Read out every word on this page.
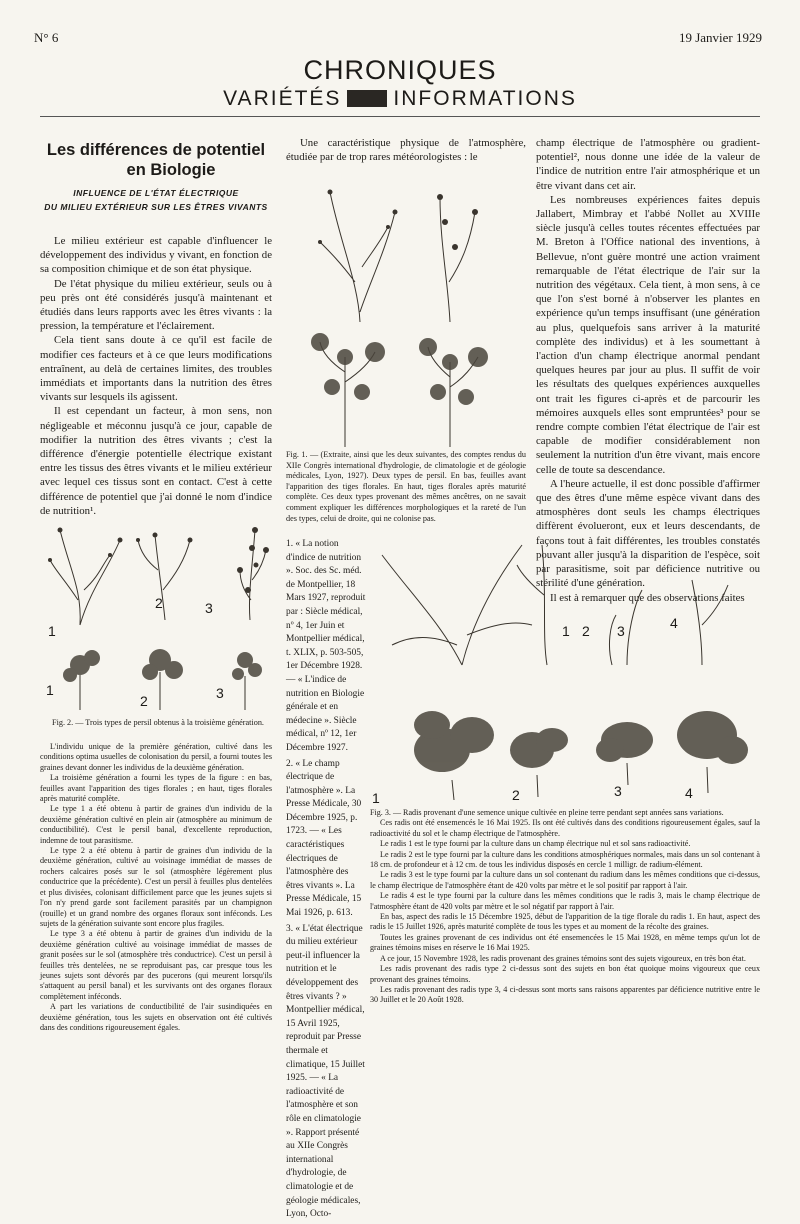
N° 6	19 Janvier 1929
CHRONIQUES
VARIÉTÉS INFORMATIONS
Les différences de potentiel
en Biologie
INFLUENCE DE L'ÉTAT ÉLECTRIQUE
DU MILIEU EXTÉRIEUR SUR LES ÊTRES VIVANTS

Le milieu extérieur est capable d'influencer le développement des individus y vivant, en fonction de sa composition chimique et de son état physique.

De l'état physique du milieu extérieur, seuls ou à peu près ont été considérés jusqu'à maintenant et étudiés dans leurs rapports avec les êtres vivants : la pression, la température et l'éclairement.

Cela tient sans doute à ce qu'il est facile de modifier ces facteurs et à ce que leurs modifications entraînent, au delà de certaines limites, des troubles immédiats et importants dans la nutrition des êtres vivants sur lesquels ils agissent.

Il est cependant un facteur, à mon sens, non négligeable et méconnu jusqu'à ce jour, capable de modifier la nutrition des êtres vivants ; c'est la différence d'énergie potentielle électrique existant entre les tissus des êtres vivants et le milieu extérieur avec lequel ces tissus sont en contact. C'est à cette différence de potentiel que j'ai donné le nom d'indice de nutrition¹.

1
2	3
1
2	3
Fig. 2. — Trois types de persil obtenus à la troisième génération.

L'individu unique de la première génération, cultivé dans les conditions optima usuelles de colonisation du persil, a fourni toutes les graines devant donner les individus de la deuxième génération.

La troisième génération a fourni les types de la figure : en bas, feuilles avant l'apparition des tiges florales ; en haut, tiges florales après maturité complète.

Le type 1 a été obtenu à partir de graines d'un individu de la deuxième génération cultivé en plein air (atmosphère au minimum de conductibilité). C'est le persil banal, d'excellente reproduction, indemne de tout parasitisme.

Le type 2 a été obtenu à partir de graines d'un individu de la deuxième génération, cultivé au voisinage immédiat de masses de rochers calcaires posés sur le sol (atmosphère légèrement plus conductrice que la précédente). C'est un persil à feuilles plus dentelées et plus divisées, colonisant difficilement parce que les jeunes sujets si l'on n'y prend garde sont facilement parasités par un champignon (rouille) et un grand nombre des organes floraux sont inféconds. Les sujets de la génération suivante sont encore plus fragiles.

Le type 3 a été obtenu à partir de graines d'un individu de la deuxième génération cultivé au voisinage immédiat de masses de granit posées sur le sol (atmosphère très conductrice). C'est un persil à feuilles très dentelées, ne se reproduisant pas, car presque tous les jeunes sujets sont dévorés par des pucerons (qui meurent lorsqu'ils s'attaquent au persil banal) et les survivants ont des organes floraux complètement inféconds.

A part les variations de conductibilité de l'air susindiquées en deuxième génération, tous les sujets en observation ont été cultivés dans des conditions rigoureusement égales.

Une caractéristique physique de l'atmosphère, étudiée par de trop rares météorologistes : le

Fig. 1. — (Extraite, ainsi que les deux suivantes, des comptes rendus du XIIe Congrès international d'hydrologie, de climatologie et de géologie médicales, Lyon, 1927). Deux types de persil. En bas, feuilles avant l'apparition des tiges florales. En haut, tiges florales après maturité complète. Ces deux types provenant des mêmes ancêtres, on ne savait comment expliquer les différences morphologiques et la rareté de l'un des types, celui de droite, qui ne colonise pas.

1. « La notion d'indice de nutrition ». Soc. des Sc. méd. de Montpellier, 18 Mars 1927, reproduit par : Siècle médical, nº 4, 1er Juin et Montpellier médical, t. XLIX, p. 503-505, 1er Décembre 1928. — « L'indice de nutrition en Biologie générale et en médecine ». Siècle médical, nº 12, 1er Décembre 1927.

2. « Le champ électrique de l'atmosphère ». La Presse Médicale, 30 Décembre 1925, p. 1723. — « Les caractéristiques électriques de l'atmosphère des êtres vivants ». La Presse Médicale, 15 Mai 1926, p. 613.

3. « L'état électrique du milieu extérieur peut-il influencer la nutrition et le développement des êtres vivants ? » Montpellier médical, 15 Avril 1925, reproduit par Presse thermale et climatique, 15 Juillet 1925. — « La radioactivité de l'atmosphère et son rôle en climatologie ». Rapport présenté au XIIe Congrès international d'hydrologie, de climatologie et de géologie médicales, Lyon, Octo-

champ électrique de l'atmosphère ou gradient-potentiel², nous donne une idée de la valeur de l'indice de nutrition entre l'air atmosphérique et un être vivant dans cet air.

Les nombreuses expériences faites depuis Jallabert, Mimbray et l'abbé Nollet au XVIIIe siècle jusqu'à celles toutes récentes effectuées par M. Breton à l'Office national des inventions, à Bellevue, n'ont guère montré une action vraiment remarquable de l'état électrique de l'air sur la nutrition des végétaux. Cela tient, à mon sens, à ce que l'on s'est borné à n'observer les plantes en expérience qu'un temps insuffisant (une génération au plus, quelquefois sans arriver à la maturité complète des individus) et à les soumettant à l'action d'un champ électrique anormal pendant quelques heures par jour au plus. Il suffit de voir les résultats des quelques expériences auxquelles ont trait les figures ci-après et de parcourir les mémoires auxquels elles sont empruntées³ pour se rendre compte combien l'état électrique de l'air est capable de modifier considérablement non seulement la nutrition d'un être vivant, mais encore celle de toute sa descendance.

A l'heure actuelle, il est donc possible d'affirmer que des êtres d'une même espèce vivant dans des atmosphères dont seuls les champs électriques diffèrent évolueront, eux et leurs descendants, de façons tout à fait différentes, les troubles constatés pouvant aller jusqu'à la disparition de l'espèce, soit par parasitisme, soit par déficience nutritive ou stérilité d'une génération.

Il est à remarquer que des observations faites

1 2 3	4
1	2	3	4

Fig. 3. — Radis provenant d'une semence unique cultivée en pleine terre pendant sept années sans variations.

Ces radis ont été ensemencés le 16 Mai 1925. Ils ont été cultivés dans des conditions rigoureusement égales, sauf la radioactivité du sol et le champ électrique de l'atmosphère.

Le radis 1 est le type fourni par la culture dans un champ électrique nul et sol sans radioactivité.

Le radis 2 est le type fourni par la culture dans les conditions atmosphériques normales, mais dans un sol contenant à 18 cm. de profondeur et à 12 cm. de tous les individus disposés en cercle 1 milligr. de radium-élément.

Le radis 3 est le type fourni par la culture dans un sol contenant du radium dans les mêmes conditions que ci-dessus, le champ électrique de l'atmosphère étant de 420 volts par mètre et le sol positif par rapport à l'air.

Le radis 4 est le type fourni par la culture dans les mêmes conditions que le radis 3, mais le champ électrique de l'atmosphère étant de 420 volts par mètre et le sol négatif par rapport à l'air.

En bas, aspect des radis le 15 Décembre 1925, début de l'apparition de la tige florale du radis 1. En haut, aspect des radis le 15 Juillet 1926, après maturité complète de tous les types et au moment de la récolte des graines.

Toutes les graines provenant de ces individus ont été ensemencées le 15 Mai 1928, en même temps qu'un lot de graines témoins mises en réserve le 16 Mai 1925.

A ce jour, 15 Novembre 1928, les radis provenant des graines témoins sont des sujets vigoureux, en très bon état.

Les radis provenant des radis type 2 ci-dessus sont des sujets en bon état quoique moins vigoureux que ceux provenant des graines témoins.

Les radis provenant des radis type 3, 4 ci-dessus sont morts sans raisons apparentes par déficience nutritive entre le 30 Juillet et le 20 Août 1928.
